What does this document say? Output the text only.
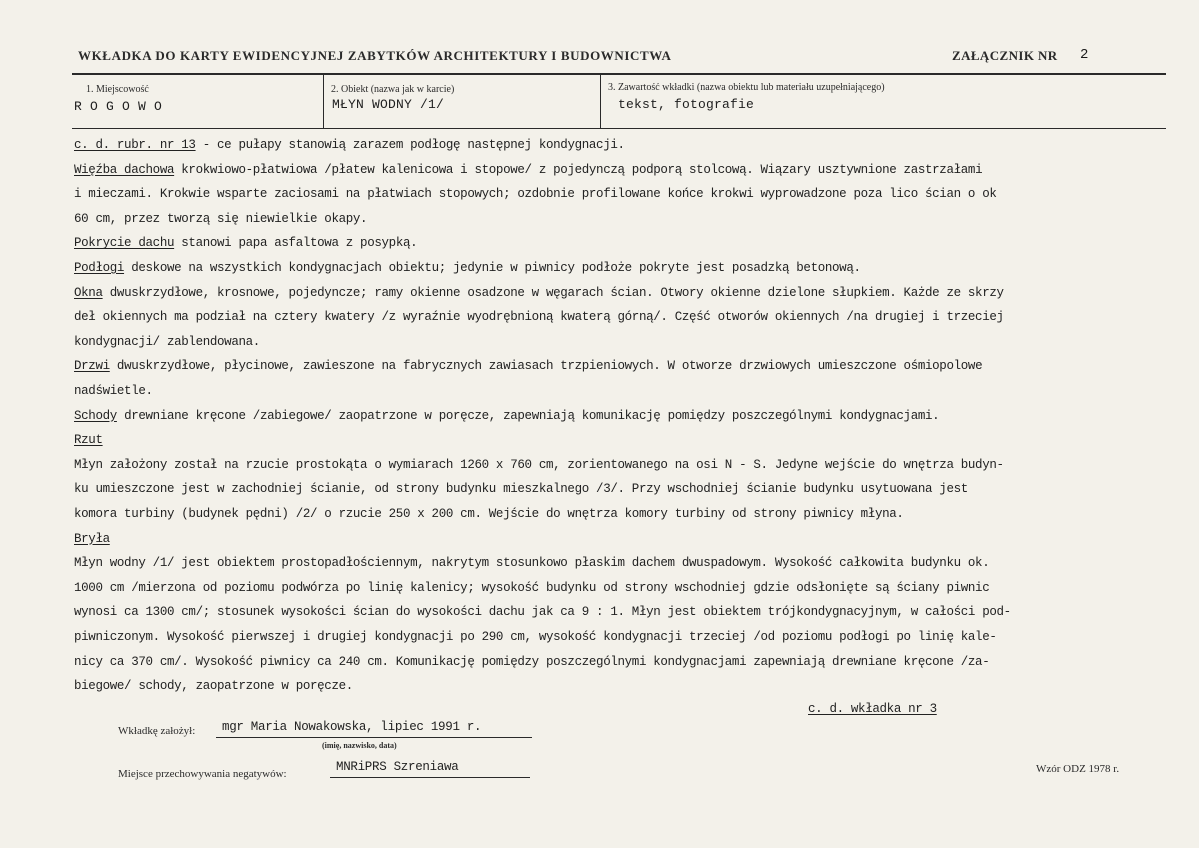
WKŁADKA DO KARTY EWIDENCYJNEJ ZABYTKÓW ARCHITEKTURY I BUDOWNICTWA	ZAŁĄCZNIK NR 2
1. Miejscowość
R O G O W O
2. Obiekt (nazwa jak w karcie)
MŁYN WODNY /1/
3. Zawartość wkładki (nazwa obiektu lub materiału uzupełniającego)
tekst, fotografie
c. d. rubr. nr 13 - ce pułapy stanowią zarazem podłogę następnej kondygnacji.
Więźba dachowa krokwiowo-płatwiowa /płatew kalenicowa i stopowe/ z pojedynczą podporą stolcową. Wiązary usztywnione zastrzałami
i mieczami. Krokwie wsparte zaciosami na płatwiach stopowych; ozdobnie profilowane końce krokwi wyprowadzone poza lico ścian o ok
60 cm, przez tworzą się niewielkie okapy.
Pokrycie dachu stanowi papa asfaltowa z posypką.
Podłogi deskowe na wszystkich kondygnacjach obiektu; jedynie w piwnicy podłoże pokryte jest posadzką betonową.
Okna dwuskrzydłowe, krosnowe, pojedyncze; ramy okienne osadzone w węgarach ścian. Otwory okienne dzielone słupkiem. Każde ze skrzy
deł okiennych ma podział na cztery kwatery /z wyraźnie wyodrębnioną kwaterą górną/. Część otworów okiennych /na drugiej i trzeciej
kondygnacji/ zablendowana.
Drzwi dwuskrzydłowe, płycinowe, zawieszone na fabrycznych zawiasach trzpieniowych. W otworze drzwiowych umieszczone ośmiopolowe
nadświetle.
Schody drewniane kręcone /zabiegowe/ zaopatrzone w poręcze, zapewniają komunikację pomiędzy poszczególnymi kondygnacjami.
Rzut
Młyn założony został na rzucie prostokąta o wymiarach 1260 x 760 cm, zorientowanego na osi N - S. Jedyne wejście do wnętrza budyn-
ku umieszczone jest w zachodniej ścianie, od strony budynku mieszkalnego /3/. Przy wschodniej ścianie budynku usytuowana jest
komora turbiny (budynek pędni) /2/ o rzucie 250 x 200 cm. Wejście do wnętrza komory turbiny od strony piwnicy młyna.
Bryła
Młyn wodny /1/ jest obiektem prostopadłościennym, nakrytym stosunkowo płaskim dachem dwuspadowym. Wysokość całkowita budynku ok.
1000 cm /mierzona od poziomu podwórza po linię kalenicy; wysokość budynku od strony wschodniej gdzie odsłonięte są ściany piwnic
wynosi ca 1300 cm/; stosunek wysokości ścian do wysokości dachu jak ca 9 : 1. Młyn jest obiektem trójkondygnacyjnym, w całości pod-
piwniczonym. Wysokość pierwszej i drugiej kondygnacji po 290 cm, wysokość kondygnacji trzeciej /od poziomu podłogi po linię kale-
nicy ca 370 cm/. Wysokość piwnicy ca 240 cm. Komunikację pomiędzy poszczególnymi kondygnacjami zapewniają drewniane kręcone /za-
biegowe/ schody, zaopatrzone w poręcze.
c. d. wkładka nr 3
Wkładkę założył: mgr Maria Nowakowska, lipiec 1991 r.
(imię, nazwisko, data)
Miejsce przechowywania negatywów:	MNRiPRS Szreniawa	Wzór ODZ 1978 r.
